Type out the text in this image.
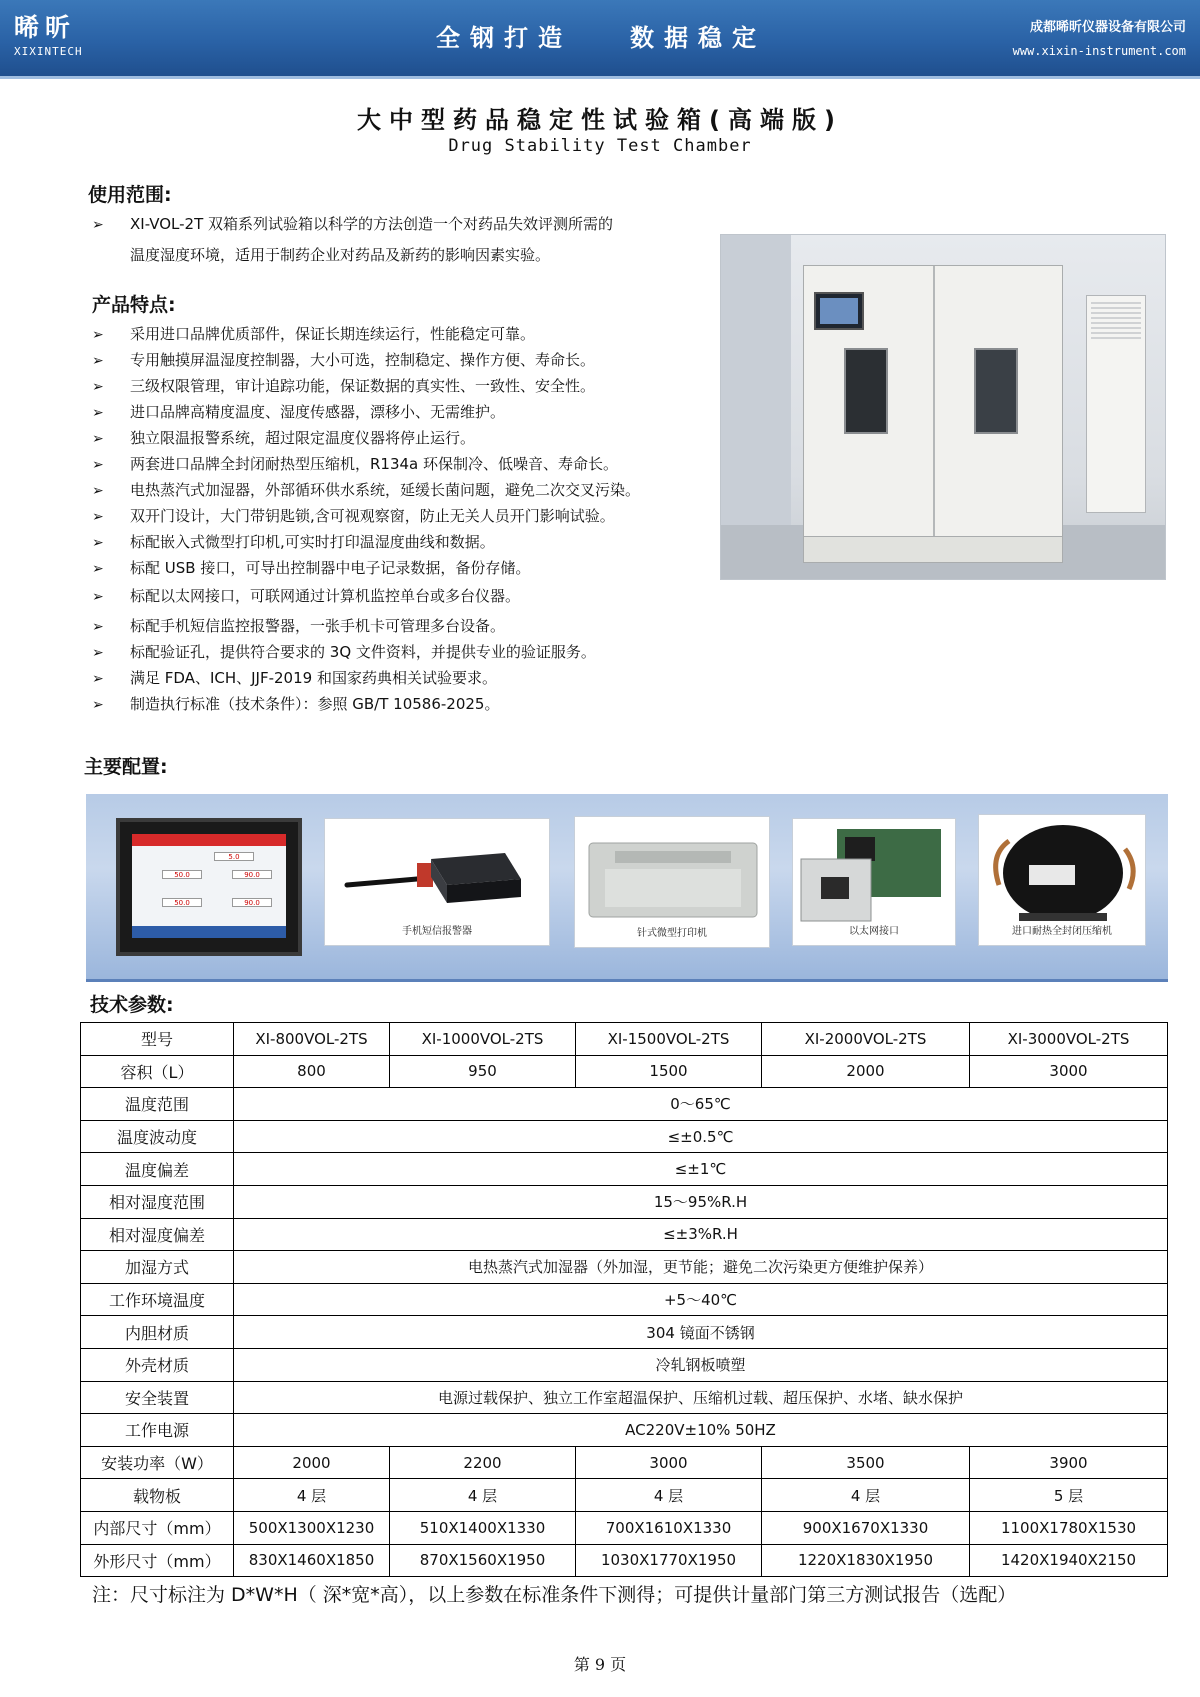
晞昕
XIXINTECH	全钢打造 数据稳定	成都晞昕仪器设备有限公司
www.xixin-instrument.com
大中型药品稳定性试验箱(高端版)
Drug Stability Test Chamber
使用范围:
➢ XI-VOL-2T 双箱系列试验箱以科学的方法创造一个对药品失效评测所需的
温度湿度环境，适用于制药企业对药品及新药的影响因素实验。
产品特点:
➢ 采用进口品牌优质部件，保证长期连续运行，性能稳定可靠。
➢ 专用触摸屏温湿度控制器，大小可选，控制稳定、操作方便、寿命长。
➢ 三级权限管理，审计追踪功能，保证数据的真实性、一致性、安全性。
➢ 进口品牌高精度温度、湿度传感器，漂移小、无需维护。
➢ 独立限温报警系统，超过限定温度仪器将停止运行。
➢ 两套进口品牌全封闭耐热型压缩机，R134a 环保制冷、低噪音、寿命长。
➢ 电热蒸汽式加湿器，外部循环供水系统，延缓长菌问题，避免二次交叉污染。
➢ 双开门设计，大门带钥匙锁,含可视观察窗，防止无关人员开门影响试验。
➢ 标配嵌入式微型打印机,可实时打印温湿度曲线和数据。
➢ 标配 USB 接口，可导出控制器中电子记录数据，备份存储。
➢ 标配以太网接口，可联网通过计算机监控单台或多台仪器。
➢ 标配手机短信监控报警器，一张手机卡可管理多台设备。
➢ 标配验证孔，提供符合要求的 3Q 文件资料，并提供专业的验证服务。
➢ 满足 FDA、ICH、JJF-2019 和国家药典相关试验要求。
➢ 制造执行标准（技术条件）：参照 GB/T 10586-2025。
主要配置:
5.0
50.0	90.0
50.0	90.0
手机短信报警器	针式微型打印机	以太网接口	进口耐热全封闭压缩机
技术参数:
型号	XI-800VOL-2TS	XI-1000VOL-2TS	XI-1500VOL-2TS	XI-2000VOL-2TS	XI-3000VOL-2TS
容积（L）	800	950	1500	2000	3000
温度范围	0～65℃				
温度波动度	≤±0.5℃				
温度偏差	≤±1℃				
相对湿度范围	15～95%R.H				
相对湿度偏差	≤±3%R.H				
加湿方式	电热蒸汽式加湿器（外加湿，更节能；避免二次污染更方便维护保养）				
工作环境温度	+5～40℃				
内胆材质	304 镜面不锈钢				
外壳材质	冷轧钢板喷塑				
安全装置	电源过载保护、独立工作室超温保护、压缩机过载、超压保护、水堵、缺水保护				
工作电源	AC220V±10% 50HZ				
安装功率（W）	2000	2200	3000	3500	3900
载物板	4 层	4 层	4 层	4 层	5 层
内部尺寸（mm）	500X1300X1230	510X1400X1330	700X1610X1330	900X1670X1330	1100X1780X1530
外形尺寸（mm）	830X1460X1850	870X1560X1950	1030X1770X1950	1220X1830X1950	1420X1940X2150
注：尺寸标注为 D*W*H（ 深*宽*高），以上参数在标准条件下测得；可提供计量部门第三方测试报告（选配）
第 9 页
